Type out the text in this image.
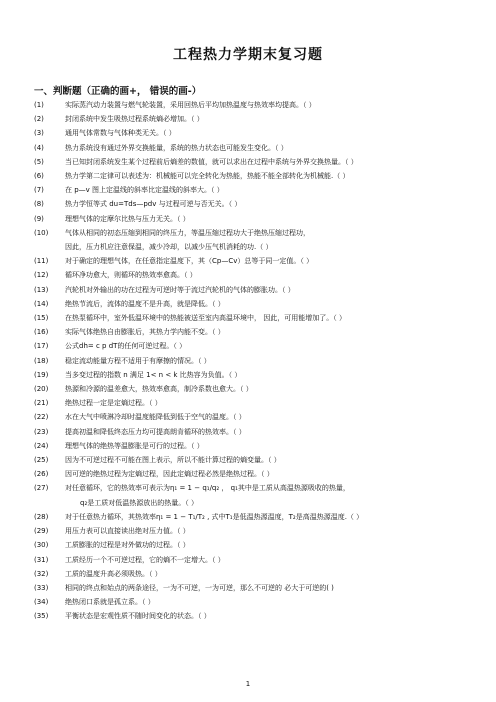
工程热力学期末复习题
一、判断题（正确的画+， 错误的画-）
(1)	实际蒸汽动力装置与燃气轮装置，采用回热后平均加热温度与热效率均提高。（ ）
(2)	封闭系统中发生吸热过程系统熵必增加。（ ）
(3)	通用气体常数与气体种类无关。（ ）
(4)	热力系统没有通过外界交换能量，系统的热力状态也可能发生变化。（ ）
(5)	当已知封闭系统发生某个过程前后熵差的数值，就可以求出在过程中系统与外界交换热量。（ ）
(6)	热力学第二定律可以表述为：机械能可以完全转化为热能，热能不能全部转化为机械能.（ ）
(7)	在 p—v 图上定温线的斜率比定温线的斜率大。（ ）
(8)	热力学恒等式 du=Tds—pdv 与过程可逆与否无关。（ ）
(9)	理想气体的定摩尔比热与压力无关。（ ）
(10) 气体从相同的初态压缩到相同的终压力，等温压缩过程功大于绝热压缩过程功，
因此，压力机应注意保温，减少冷却，以减少压气机消耗的功.（ ）
(11) 对于确定的理想气体，在任意指定温度下，其（Cp—Cv）总等于同一定值。（ ）
(12) 循环净功愈大，则循环的热效率愈高。（ ）
(13) 汽轮机对外输出的功在过程为可逆时等于流过汽轮机的气体的膨胀功。（ ）
(14) 绝热节流后，流体的温度不是升高，就是降低。（ ）
(15) 在热泵循环中，室外低温环境中的热能被送至室内高温环境中， 因此，可用能增加了。（ ）
(16) 实际气体绝热自由膨胀后，其热力学内能不变。（ ）
(17) 公式dh= c p dT的任何可逆过程。（ ）
(18) 稳定流动能量方程不适用于有摩擦的情况。（ ）
(19) 当多变过程的指数 n 满足 1< n < k 比热容为负值。（ ）
(20) 热源和冷源的温差愈大，热效率愈高，制冷系数也愈大。（ ）
(21) 绝热过程一定是定熵过程。（ ）
(22) 水在大气中喷淋冷却时温度能降低到低于空气的温度。（ ）
(23) 提高初温和降低终态压力均可提高朗肯循环的热效率。（ ）
(24) 理想气体的绝热等温膨胀是可行的过程。（ ）
(25) 因为不可逆过程不可能在图上表示，所以不能计算过程的熵变量。（ ）
(26) 因可逆的绝热过程为定熵过程，因此定熵过程必然是绝热过程。（ ）
(27) 对任意循环，它的热效率可表示为η₁ = 1 − q₁/q₂ ， q₁其中是工质从高温热源吸收的热量，
q₂是工质对低温热源放出的热量。（ ）
(28) 对于任意热力循环，其热效率η₁ = 1 − T₁/T₂ , 式中T₁是低温热源温度，T₂是高温热源温度.（ ）
(29) 用压力表可以直接读出绝对压力值。（ ）
(30) 工质膨胀的过程是对外做功的过程。（ ）
(31) 工质经历一个不可逆过程，它的熵不一定增大。（ ）
(32) 工质的温度升高必须吸热。（ ）
(33) 相同的终点和始点的两条途径，一为不可逆，一为可逆，那么不可逆的 必大于可逆的( )
(34) 绝热闭口系就是孤立系。（ ）
(35) 平衡状态是宏观性质不随时间变化的状态。（ ）
1
